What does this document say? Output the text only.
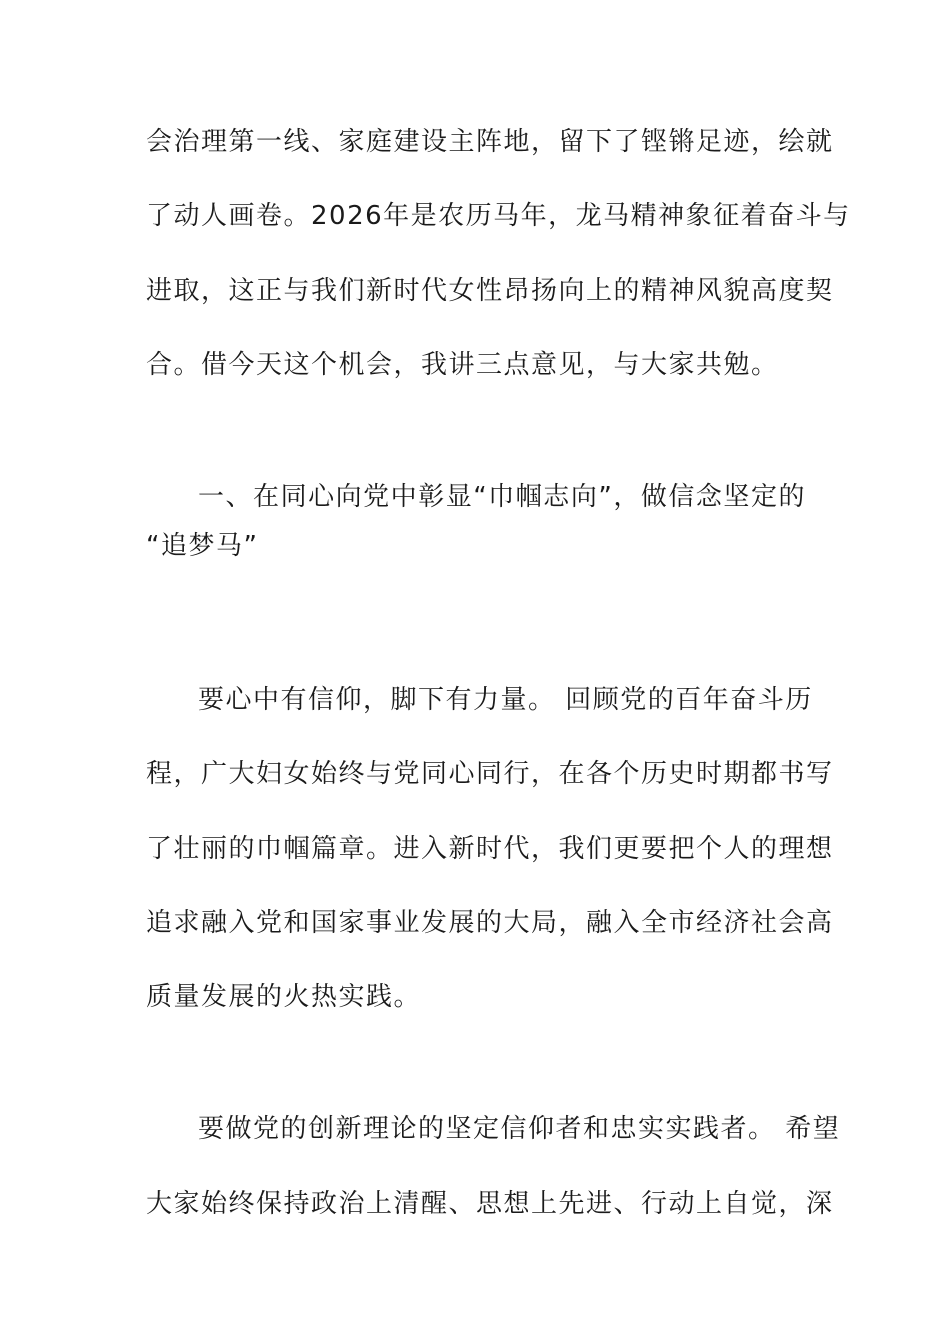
会治理第一线、家庭建设主阵地，留下了铿锵足迹，绘就
了动人画卷。2026年是农历马年，龙马精神象征着奋斗与
进取，这正与我们新时代女性昂扬向上的精神风貌高度契
合。借今天这个机会，我讲三点意见，与大家共勉。
一、在同心向党中彰显“巾帼志向”，做信念坚定的
“追梦马”
要心中有信仰，脚下有力量。 回顾党的百年奋斗历
程，广大妇女始终与党同心同行，在各个历史时期都书写
了壮丽的巾帼篇章。进入新时代，我们更要把个人的理想
追求融入党和国家事业发展的大局，融入全市经济社会高
质量发展的火热实践。
要做党的创新理论的坚定信仰者和忠实实践者。 希望
大家始终保持政治上清醒、思想上先进、行动上自觉，深
